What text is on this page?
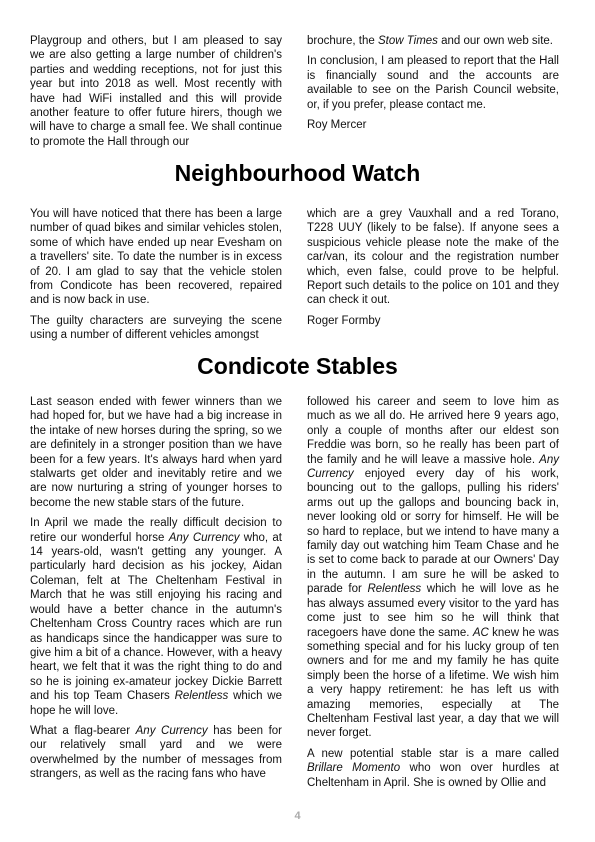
Playgroup and others, but I am pleased to say we are also getting a large number of children's parties and wedding receptions, not for just this year but into 2018 as well. Most recently with have had WiFi installed and this will provide another feature to offer future hirers, though we will have to charge a small fee. We shall continue to promote the Hall through our

brochure, the Stow Times and our own web site.

In conclusion, I am pleased to report that the Hall is financially sound and the accounts are available to see on the Parish Council website, or, if you prefer, please contact me.

Roy Mercer

Neighbourhood Watch

You will have noticed that there has been a large number of quad bikes and similar vehicles stolen, some of which have ended up near Evesham on a travellers' site. To date the number is in excess of 20. I am glad to say that the vehicle stolen from Condicote has been recovered, repaired and is now back in use.

The guilty characters are surveying the scene using a number of different vehicles amongst

which are a grey Vauxhall and a red Torano, T228 UUY (likely to be false). If anyone sees a suspicious vehicle please note the make of the car/van, its colour and the registration number which, even false, could prove to be helpful. Report such details to the police on 101 and they can check it out.

Roger Formby

Condicote Stables

Last season ended with fewer winners than we had hoped for, but we have had a big increase in the intake of new horses during the spring, so we are definitely in a stronger position than we have been for a few years. It's always hard when yard stalwarts get older and inevitably retire and we are now nurturing a string of younger horses to become the new stable stars of the future.

In April we made the really difficult decision to retire our wonderful horse Any Currency who, at 14 years-old, wasn't getting any younger. A particularly hard decision as his jockey, Aidan Coleman, felt at The Cheltenham Festival in March that he was still enjoying his racing and would have a better chance in the autumn's Cheltenham Cross Country races which are run as handicaps since the handicapper was sure to give him a bit of a chance. However, with a heavy heart, we felt that it was the right thing to do and so he is joining ex-amateur jockey Dickie Barrett and his top Team Chasers Relentless which we hope he will love.

What a flag-bearer Any Currency has been for our relatively small yard and we were overwhelmed by the number of messages from strangers, as well as the racing fans who have

followed his career and seem to love him as much as we all do. He arrived here 9 years ago, only a couple of months after our eldest son Freddie was born, so he really has been part of the family and he will leave a massive hole. Any Currency enjoyed every day of his work, bouncing out to the gallops, pulling his riders' arms out up the gallops and bouncing back in, never looking old or sorry for himself. He will be so hard to replace, but we intend to have many a family day out watching him Team Chase and he is set to come back to parade at our Owners' Day in the autumn. I am sure he will be asked to parade for Relentless which he will love as he has always assumed every visitor to the yard has come just to see him so he will think that racegoers have done the same. AC knew he was something special and for his lucky group of ten owners and for me and my family he has quite simply been the horse of a lifetime. We wish him a very happy retirement: he has left us with amazing memories, especially at The Cheltenham Festival last year, a day that we will never forget.

A new potential stable star is a mare called Brillare Momento who won over hurdles at Cheltenham in April. She is owned by Ollie and

4
